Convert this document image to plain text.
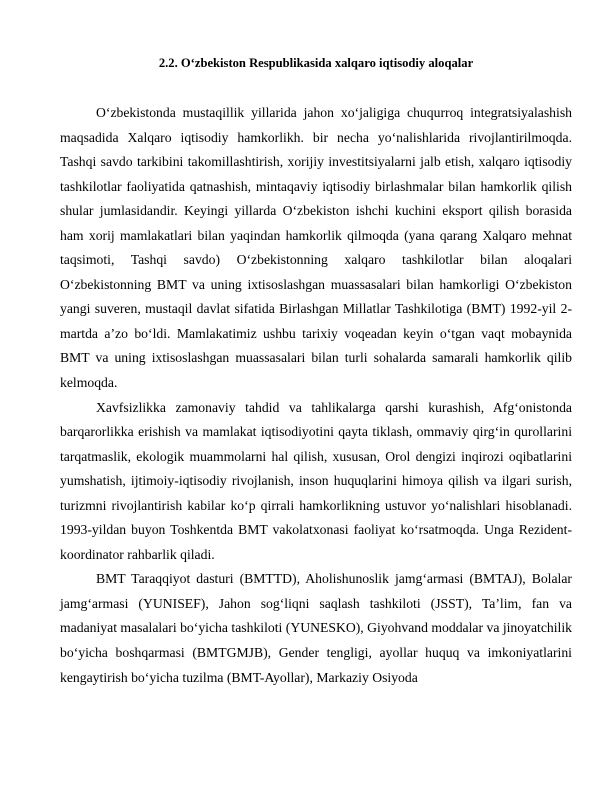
2.2. O‘zbekiston Respublikasida xalqaro iqtisodiy aloqalar

O‘zbekistonda mustaqillik yillarida jahon xo‘jaligiga chuqurroq integratsiyalashish maqsadida Xalqaro iqtisodiy hamkorlikh. bir necha yo‘nalishlarida rivojlantirilmoqda. Tashqi savdo tarkibini takomillashtirish, xorijiy investitsiyalarni jalb etish, xalqaro iqtisodiy tashkilotlar faoliyatida qatnashish, mintaqaviy iqtisodiy birlashmalar bilan hamkorlik qilish shular jumlasidandir. Keyingi yillarda O‘zbekiston ishchi kuchini eksport qilish borasida ham xorij mamlakatlari bilan yaqindan hamkorlik qilmoqda (yana qarang Xalqaro mehnat taqsimoti, Tashqi savdo) O‘zbekistonning xalqaro tashkilotlar bilan aloqalari O‘zbekistonning BMT va uning ixtisoslashgan muassasalari bilan hamkorligi O‘zbekiston yangi suveren, mustaqil davlat sifatida Birlashgan Millatlar Tashkilotiga (BMT) 1992-yil 2-martda a’zo bo‘ldi. Mamlakatimiz ushbu tarixiy voqeadan keyin o‘tgan vaqt mobaynida BMT va uning ixtisoslashgan muassasalari bilan turli sohalarda samarali hamkorlik qilib kelmoqda.

Xavfsizlikka zamonaviy tahdid va tahlikalarga qarshi kurashish, Afg‘onistonda barqarorlikka erishish va mamlakat iqtisodiyotini qayta tiklash, ommaviy qirg‘in qurollarini tarqatmaslik, ekologik muammolarni hal qilish, xususan, Orol dengizi inqirozi oqibatlarini yumshatish, ijtimoiy-iqtisodiy rivojlanish, inson huquqlarini himoya qilish va ilgari surish, turizmni rivojlantirish kabilar ko‘p qirrali hamkorlikning ustuvor yo‘nalishlari hisoblanadi. 1993-yildan buyon Toshkentda BMT vakolatxonasi faoliyat ko‘rsatmoqda. Unga Rezident-koordinator rahbarlik qiladi.

BMT Taraqqiyot dasturi (BMTTD), Aholishunoslik jamg‘armasi (BMTAJ), Bolalar jamg‘armasi (YUNISEF), Jahon sog‘liqni saqlash tashkiloti (JSST), Ta’lim, fan va madaniyat masalalari bo‘yicha tashkiloti (YUNESKO), Giyohvand moddalar va jinoyatchilik bo‘yicha boshqarmasi (BMTGMJB), Gender tengligi, ayollar huquq va imkoniyatlarini kengaytirish bo‘yicha tuzilma (BMT-Ayollar), Markaziy Osiyoda
